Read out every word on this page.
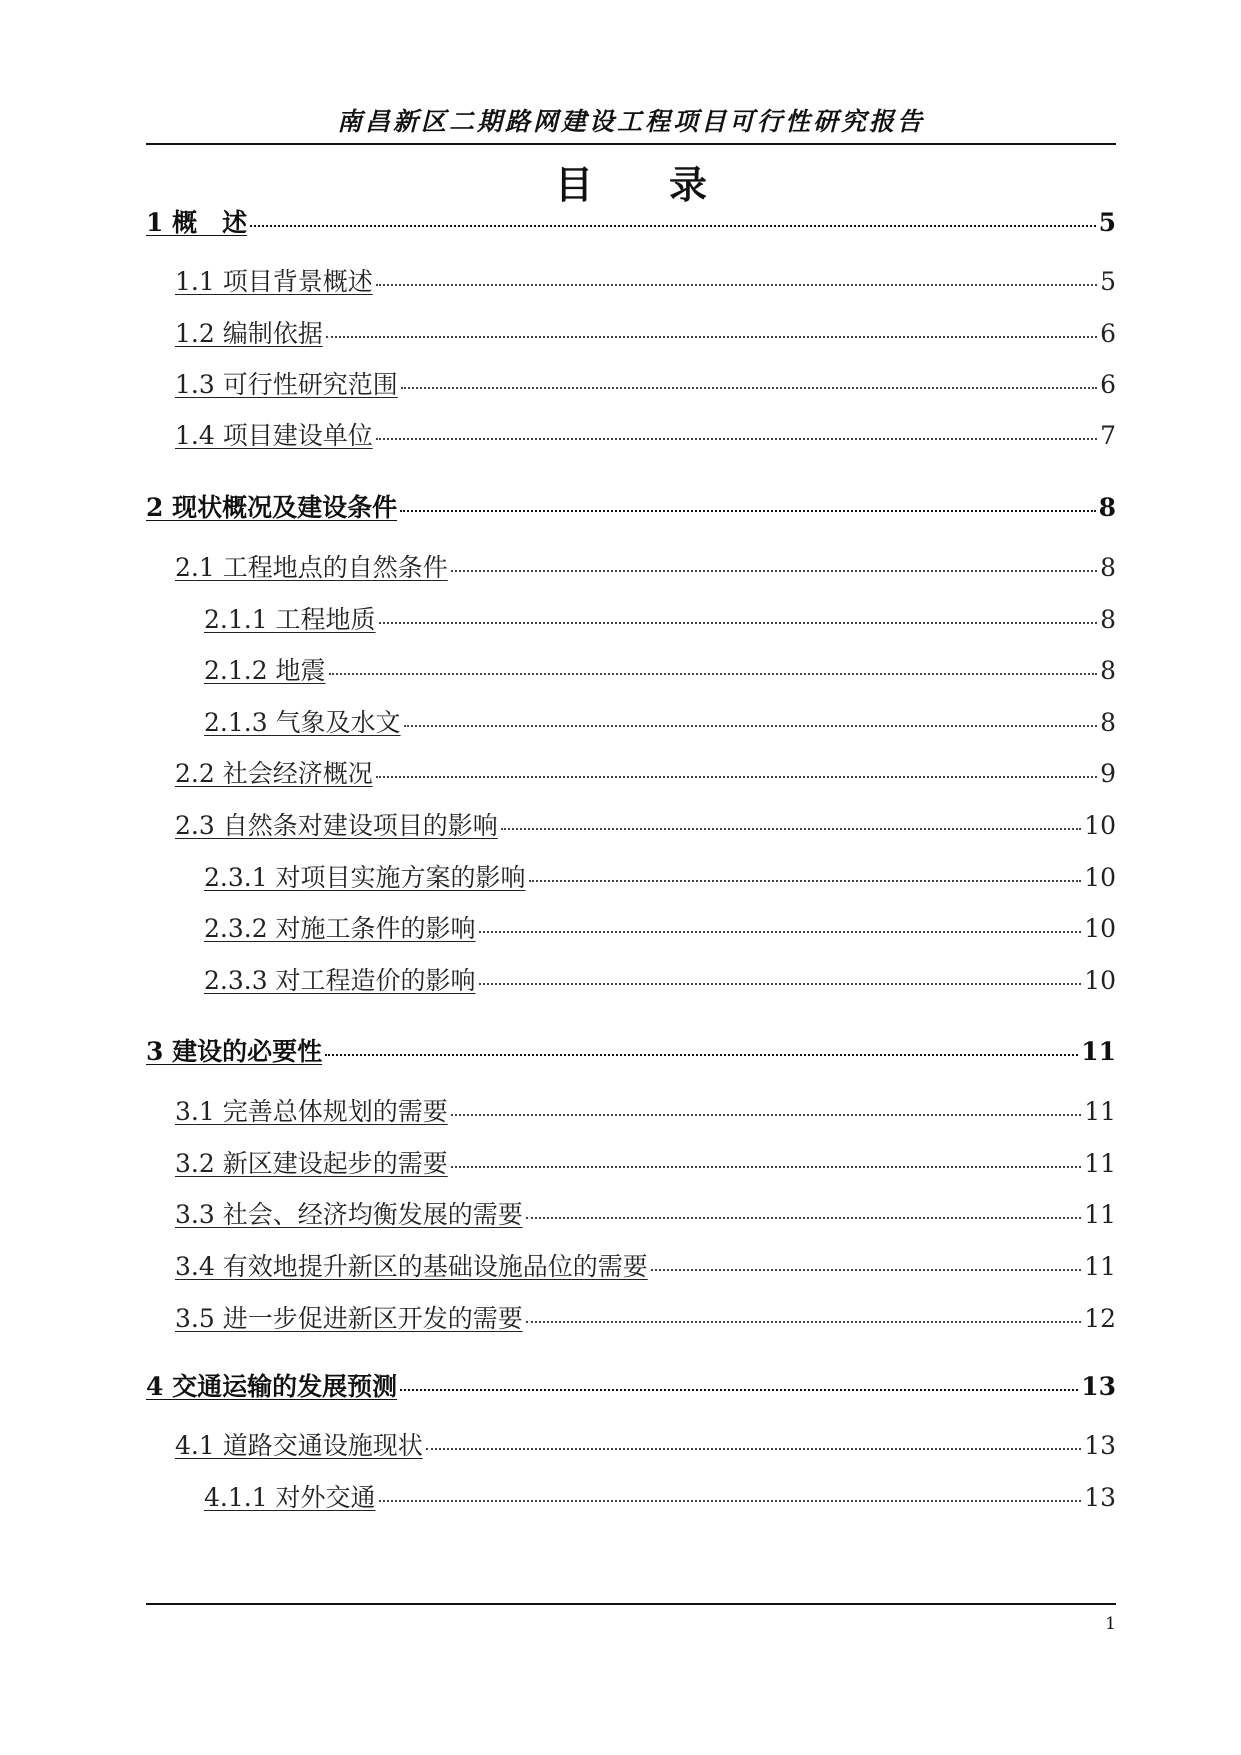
南昌新区二期路网建设工程项目可行性研究报告
目　　录
1 概　述	5
1.1 项目背景概述	5
1.2 编制依据	6
1.3 可行性研究范围	6
1.4 项目建设单位	7
2 现状概况及建设条件	8
2.1 工程地点的自然条件	8
2.1.1 工程地质	8
2.1.2 地震	8
2.1.3 气象及水文	8
2.2 社会经济概况	9
2.3 自然条对建设项目的影响	10
2.3.1 对项目实施方案的影响	10
2.3.2 对施工条件的影响	10
2.3.3 对工程造价的影响	10
3 建设的必要性	11
3.1 完善总体规划的需要	11
3.2 新区建设起步的需要	11
3.3 社会、经济均衡发展的需要	11
3.4 有效地提升新区的基础设施品位的需要	11
3.5 进一步促进新区开发的需要	12
4 交通运输的发展预测	13
4.1 道路交通设施现状	13
4.1.1 对外交通	13
1
